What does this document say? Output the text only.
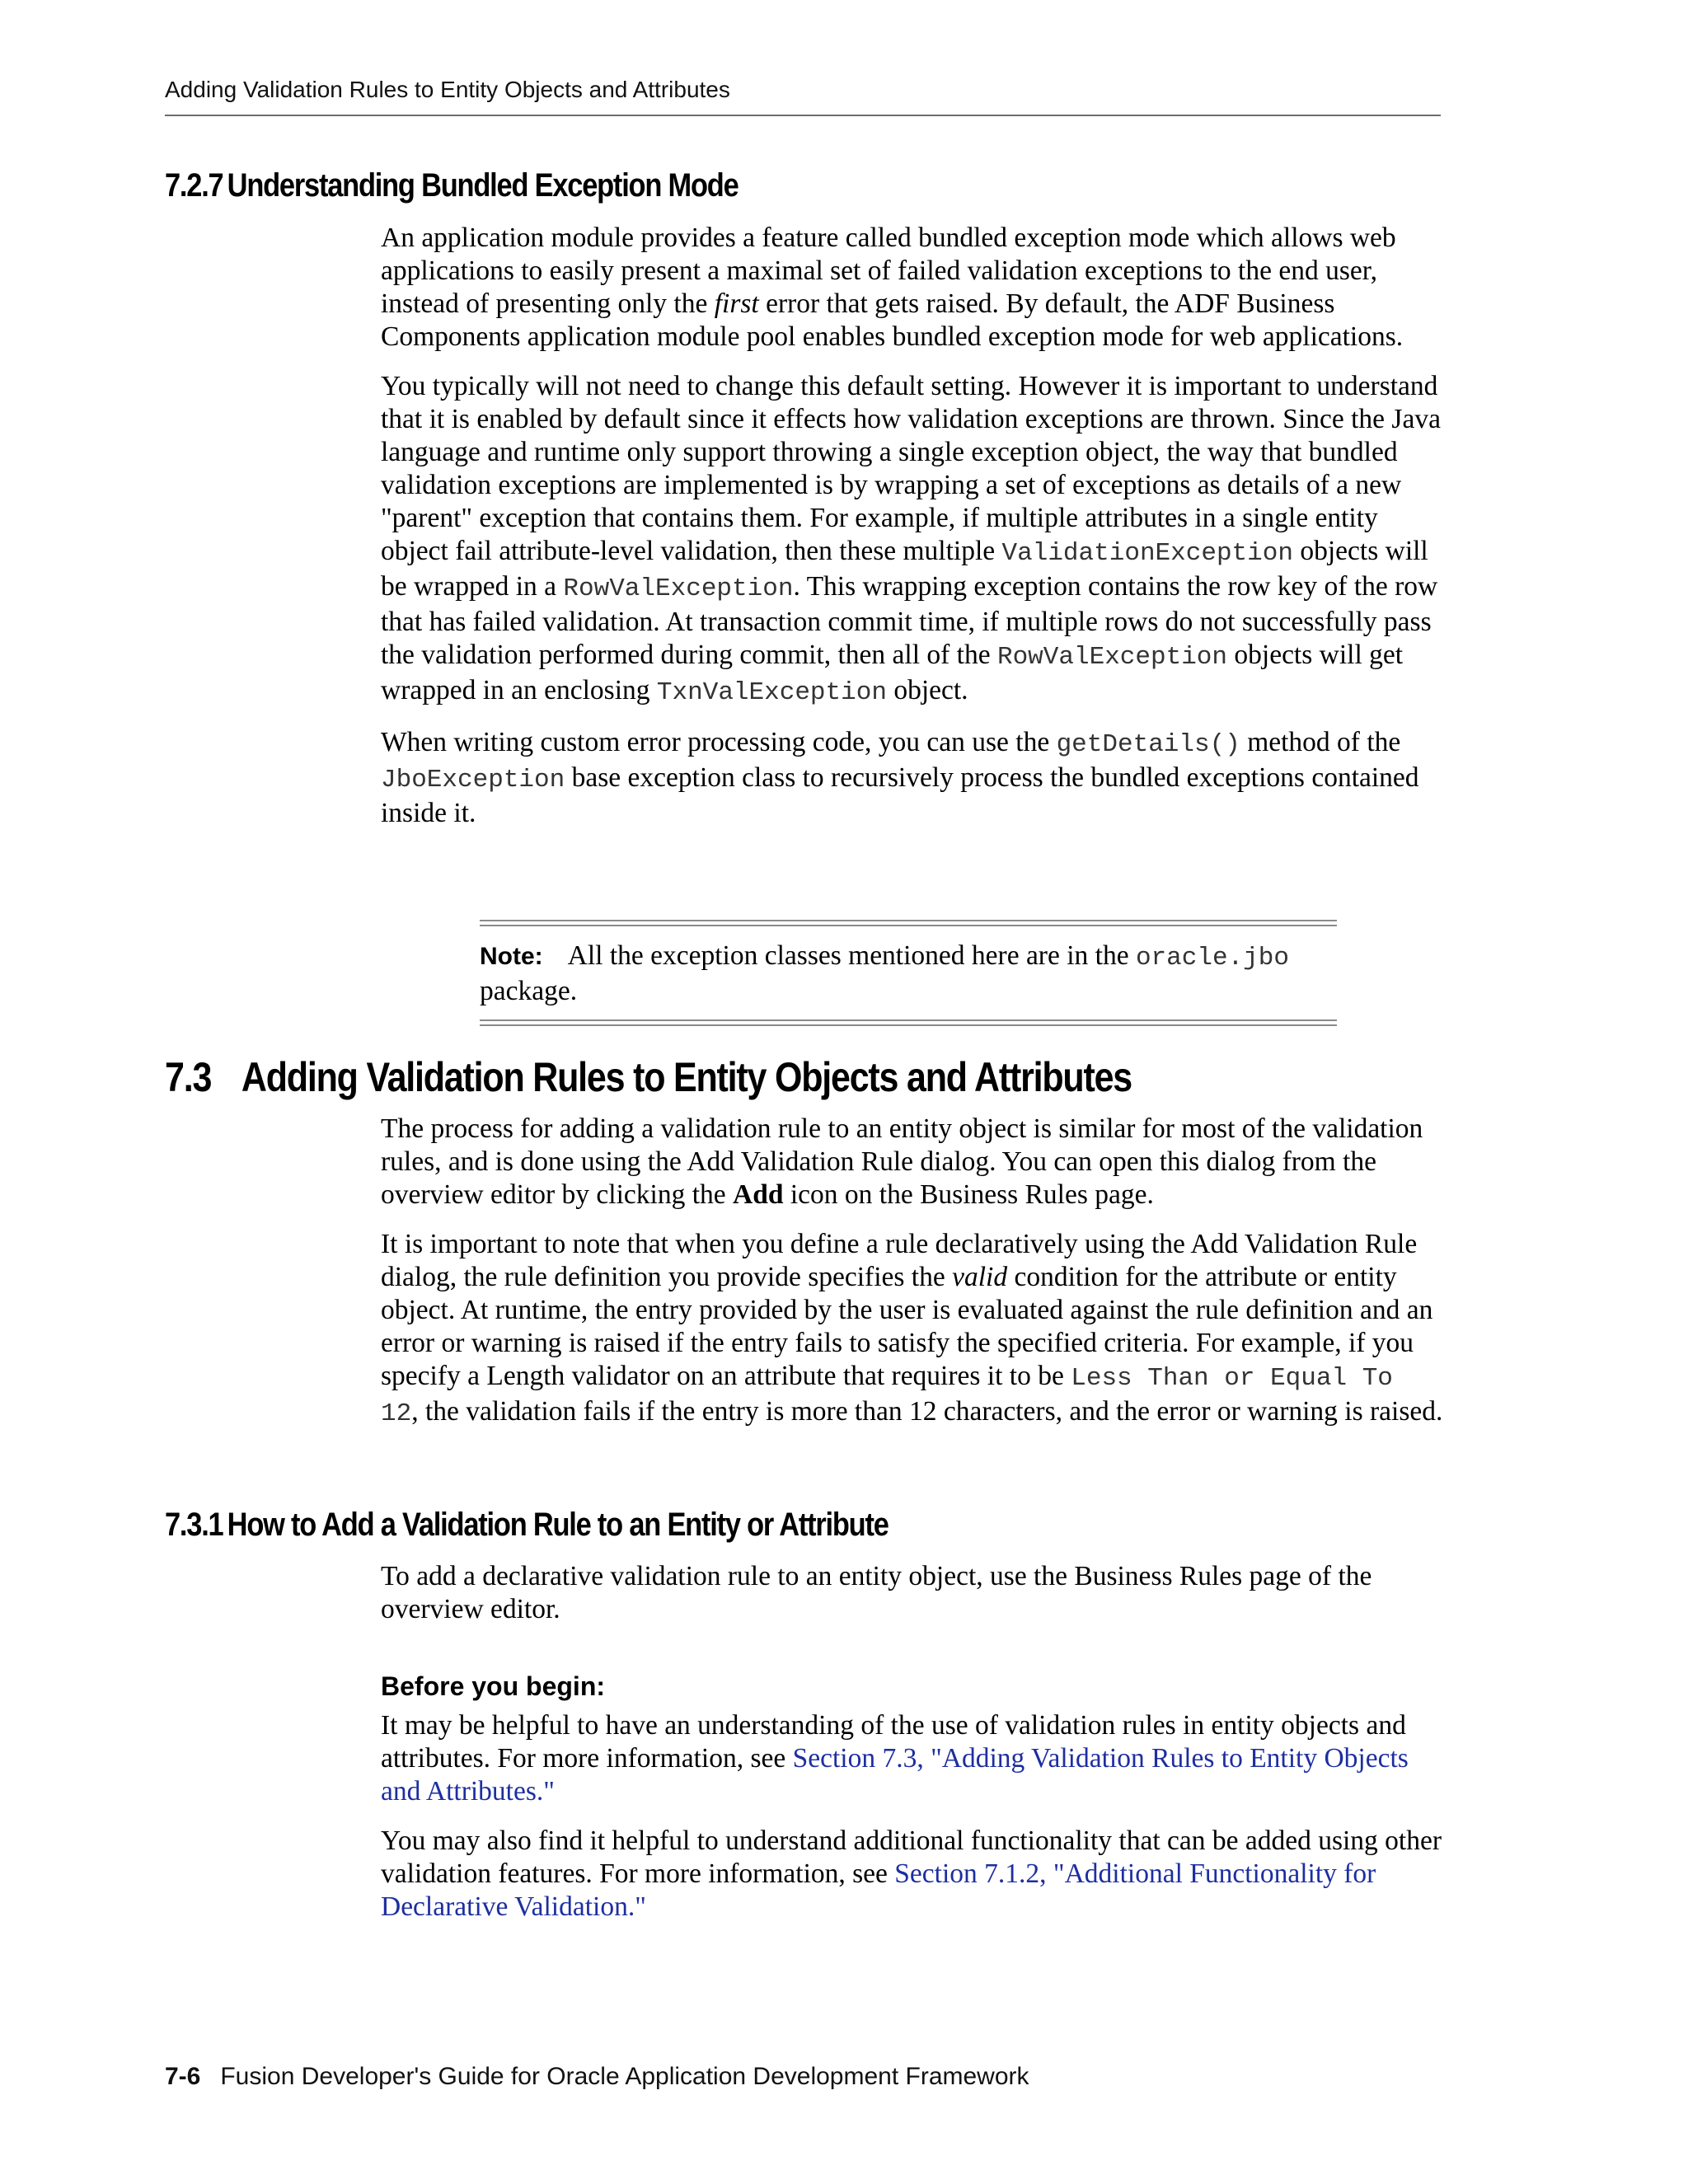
Adding Validation Rules to Entity Objects and Attributes
7.2.7 Understanding Bundled Exception Mode

An application module provides a feature called bundled exception mode which allows web applications to easily present a maximal set of failed validation exceptions to the end user, instead of presenting only the first error that gets raised. By default, the ADF Business Components application module pool enables bundled exception mode for web applications.

You typically will not need to change this default setting. However it is important to understand that it is enabled by default since it effects how validation exceptions are thrown. Since the Java language and runtime only support throwing a single exception object, the way that bundled validation exceptions are implemented is by wrapping a set of exceptions as details of a new "parent" exception that contains them. For example, if multiple attributes in a single entity object fail attribute-level validation, then these multiple ValidationException objects will be wrapped in a RowValException. This wrapping exception contains the row key of the row that has failed validation. At transaction commit time, if multiple rows do not successfully pass the validation performed during commit, then all of the RowValException objects will get wrapped in an enclosing TxnValException object.

When writing custom error processing code, you can use the getDetails() method of the JboException base exception class to recursively process the bundled exceptions contained inside it.

Note: All the exception classes mentioned here are in the oracle.jbo package.
7.3 Adding Validation Rules to Entity Objects and Attributes

The process for adding a validation rule to an entity object is similar for most of the validation rules, and is done using the Add Validation Rule dialog. You can open this dialog from the overview editor by clicking the Add icon on the Business Rules page.

It is important to note that when you define a rule declaratively using the Add Validation Rule dialog, the rule definition you provide specifies the valid condition for the attribute or entity object. At runtime, the entry provided by the user is evaluated against the rule definition and an error or warning is raised if the entry fails to satisfy the specified criteria. For example, if you specify a Length validator on an attribute that requires it to be Less Than or Equal To 12, the validation fails if the entry is more than 12 characters, and the error or warning is raised.

7.3.1 How to Add a Validation Rule to an Entity or Attribute

To add a declarative validation rule to an entity object, use the Business Rules page of the overview editor.

Before you begin:

It may be helpful to have an understanding of the use of validation rules in entity objects and attributes. For more information, see Section 7.3, "Adding Validation Rules to Entity Objects and Attributes."

You may also find it helpful to understand additional functionality that can be added using other validation features. For more information, see Section 7.1.2, "Additional Functionality for Declarative Validation."

7-6 Fusion Developer's Guide for Oracle Application Development Framework
